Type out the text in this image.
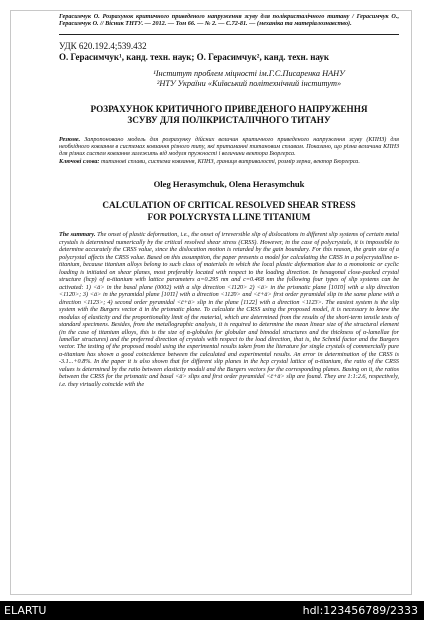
Герасимчук О. Розрахунок критичного приведеного напруження зсуву для полікристалічного титану / Герасимчук О., Герасимчук О. // Вісник ТНТУ. — 2012. — Том 66. — № 2. — С.72-81. — (механіка та матеріалознавство).

УДК 620.192.4;539.432

О. Герасимчук¹, канд. техн. наук; О. Герасимчук², канд. техн. наук

¹Інститут проблем міцності ім.Г.С.Писаренка НАНУ
²НТУ України «Київський політехнічний інститут»
РОЗРАХУНОК КРИТИЧНОГО ПРИВЕДЕНОГО НАПРУЖЕННЯ
ЗСУВУ ДЛЯ ПОЛІКРИСТАЛІЧНОГО ТИТАНУ
Резюме. Запропоновано модель для розрахунку дійсних величин критичного приведеного напруження зсуву (КПНЗ) для необхідного ковзання в системах ковзання різного типу, які притаманні титановим сплавам. Показано, що різна величина КПНЗ для різних систем ковзання залежить від модуля пружності і величини вектора Бюргерса.
Ключові слова: титанові сплави, система ковзання, КПНЗ, границя витривалості, розмір зерна, вектор Бюргерса.

Oleg Herasymchuk, Olena Herasymchuk

CALCULATION OF CRITICAL RESOLVED SHEAR STRESS
FOR POLYCRYSTA LLINE TITANIUM
The summary. The onset of plastic deformation, i.e., the onset of irreversible slip of dislocations in different slip systems of certain metal crystals is determined numerically by the critical resolved shear stress (CRSS). However, in the case of polycrystals, it is impossible to determine accurately the CRSS value, since the dislocation motion is retarded by the gain boundary. For this reason, the grain size of a polycrystal affects the CRSS value. Based on this assumption, the paper presents a model for calculating the CRSS in a polycrystalline α-titanium, because titanium alloys belong to such class of materials in which the local plastic deformation due to a monotonic or cyclic loading is initiated on shear planes, most preferably located with respect to the loading direction. In hexagonal close-packed crystal structure (hcp) of α-titanium with lattice parameters a=0.295 nm and c=0.468 nm the following four types of slip systems can be activated: 1) <ā> in the basal plane (0002) with a slip direction <112̄0> 2) <ā> in the prismatic plane [101̄0] with a slip direction <112̄0>; 3) <ā> in the pyramidal plane [101̄1] with a direction <112̄0> and <c̄+ā> first order pyramidal slip in the same plane with a direction <112̄3>; 4) second order pyramidal <c̄+ā> slip in the plane [112̄2] with a direction <112̄3>. The easiest system is the slip system with the Burgers vector ā in the prismatic plane. To calculate the CRSS using the proposed model, it is necessary to know the modulus of elasticity and the proportionality limit of the material, which are determined from the results of the short-term tensile tests of standard specimens. Besides, from the metallographic analysis, it is required to determine the mean linear size of the structural element (in the case of titanium alloys, this is the size of α-globules for globular and bimodal structures and the thickness of α-lamellae for lamellar structures) and the preferred direction of crystals with respect to the load direction, that is, the Schmid factor and the Burgers vector. The testing of the proposed model using the experimental results taken from the literature for single crystals of commercially pure α-titanium has shown a good coincidence between the calculated and experimental results. An error in determination of the CRSS is -3.1...+0.8%. In the paper it is also shown that for different slip planes in the hcp crystal lattice of α-titanium, the ratio of the CRSS values is determined by the ratio between elasticity moduli and the Burgers vectors for the corresponding planes. Basing on it, the ratios between the CRSS for the prismatic and basal <ā> slips and first order pyramidal <c̄+ā> slip are found. They are 1:1:2.6, respectively, i.e. they virtually coincide with the
ELARTU	hdl:123456789/2333
